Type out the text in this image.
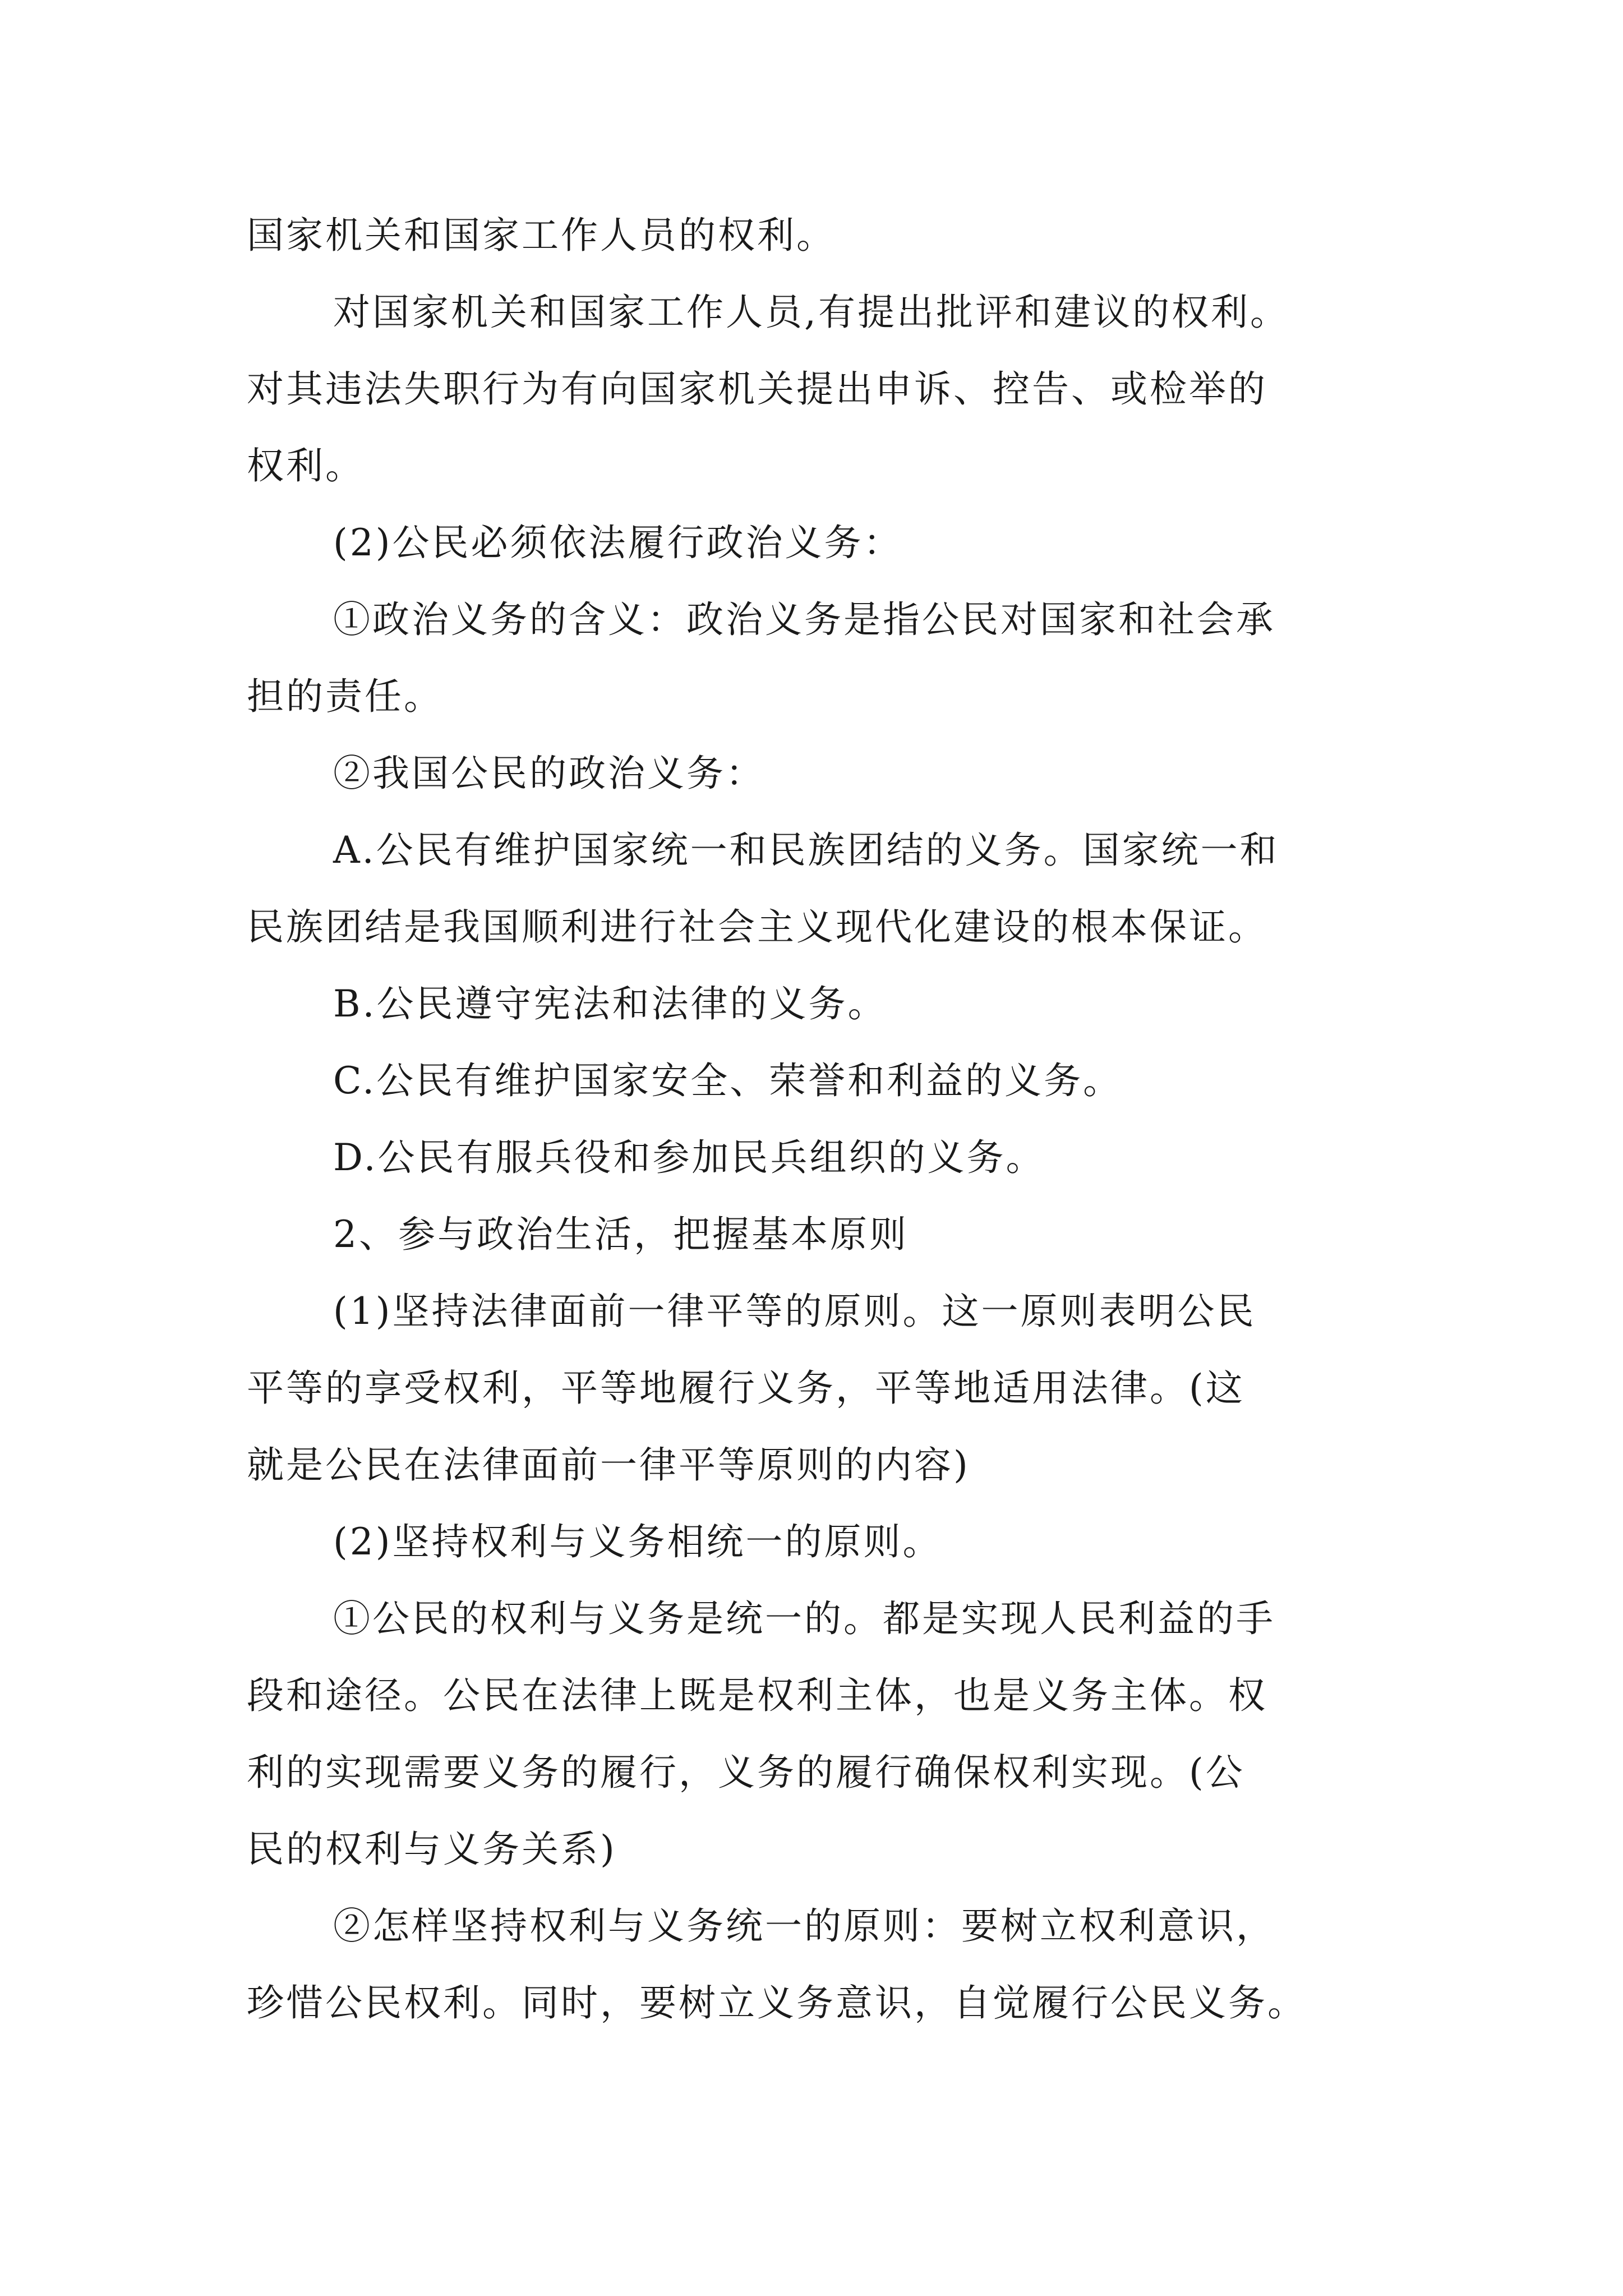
国家机关和国家工作人员的权利。

对国家机关和国家工作人员,有提出批评和建议的权利。

对其违法失职行为有向国家机关提出申诉、控告、或检举的

权利。

(2)公民必须依法履行政治义务：

①政治义务的含义：政治义务是指公民对国家和社会承

担的责任。

②我国公民的政治义务：

A.公民有维护国家统一和民族团结的义务。国家统一和

民族团结是我国顺利进行社会主义现代化建设的根本保证。

B.公民遵守宪法和法律的义务。

C.公民有维护国家安全、荣誉和利益的义务。

D.公民有服兵役和参加民兵组织的义务。

2、参与政治生活，把握基本原则

(1)坚持法律面前一律平等的原则。这一原则表明公民

平等的享受权利，平等地履行义务，平等地适用法律。(这

就是公民在法律面前一律平等原则的内容)

(2)坚持权利与义务相统一的原则。

①公民的权利与义务是统一的。都是实现人民利益的手

段和途径。公民在法律上既是权利主体，也是义务主体。权

利的实现需要义务的履行，义务的履行确保权利实现。(公

民的权利与义务关系)

②怎样坚持权利与义务统一的原则：要树立权利意识，

珍惜公民权利。同时，要树立义务意识，自觉履行公民义务。
